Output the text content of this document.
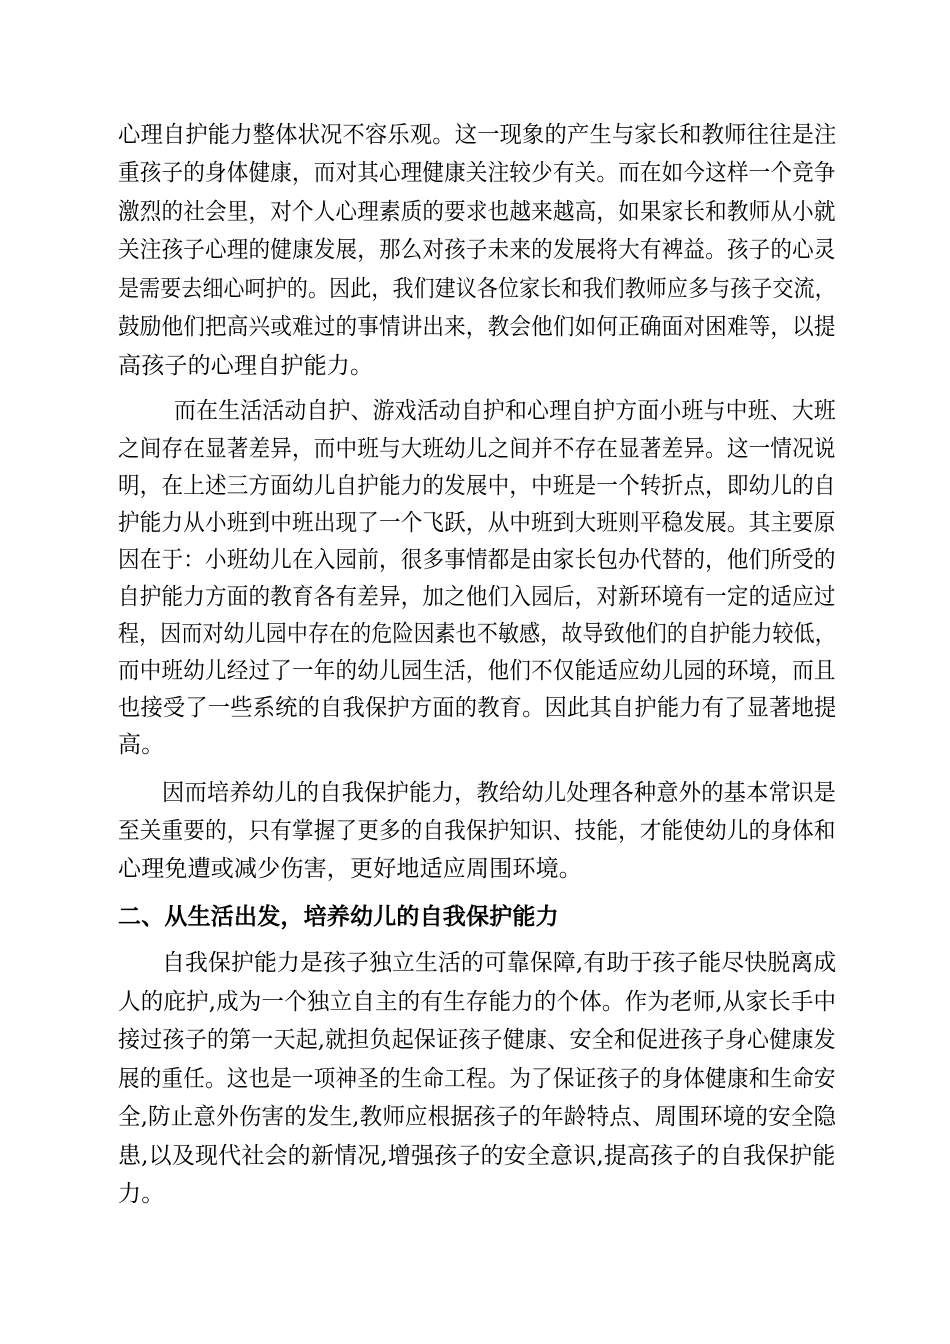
心理自护能力整体状况不容乐观。这一现象的产生与家长和教师往往是注
重孩子的身体健康，而对其心理健康关注较少有关。而在如今这样一个竞争
激烈的社会里，对个人心理素质的要求也越来越高，如果家长和教师从小就
关注孩子心理的健康发展，那么对孩子未来的发展将大有裨益。孩子的心灵
是需要去细心呵护的。因此，我们建议各位家长和我们教师应多与孩子交流，
鼓励他们把高兴或难过的事情讲出来，教会他们如何正确面对困难等，以提
高孩子的心理自护能力。
而在生活活动自护、游戏活动自护和心理自护方面小班与中班、大班
之间存在显著差异，而中班与大班幼儿之间并不存在显著差异。这一情况说
明，在上述三方面幼儿自护能力的发展中，中班是一个转折点，即幼儿的自
护能力从小班到中班出现了一个飞跃，从中班到大班则平稳发展。其主要原
因在于：小班幼儿在入园前，很多事情都是由家长包办代替的，他们所受的
自护能力方面的教育各有差异，加之他们入园后，对新环境有一定的适应过
程，因而对幼儿园中存在的危险因素也不敏感，故导致他们的自护能力较低，
而中班幼儿经过了一年的幼儿园生活，他们不仅能适应幼儿园的环境，而且
也接受了一些系统的自我保护方面的教育。因此其自护能力有了显著地提
高。
因而培养幼儿的自我保护能力，教给幼儿处理各种意外的基本常识是
至关重要的，只有掌握了更多的自我保护知识、技能，才能使幼儿的身体和
心理免遭或减少伤害，更好地适应周围环境。
二、从生活出发，培养幼儿的自我保护能力
自我保护能力是孩子独立生活的可靠保障,有助于孩子能尽快脱离成
人的庇护,成为一个独立自主的有生存能力的个体。作为老师,从家长手中
接过孩子的第一天起,就担负起保证孩子健康、安全和促进孩子身心健康发
展的重任。这也是一项神圣的生命工程。为了保证孩子的身体健康和生命安
全,防止意外伤害的发生,教师应根据孩子的年龄特点、周围环境的安全隐
患,以及现代社会的新情况,增强孩子的安全意识,提高孩子的自我保护能
力。
